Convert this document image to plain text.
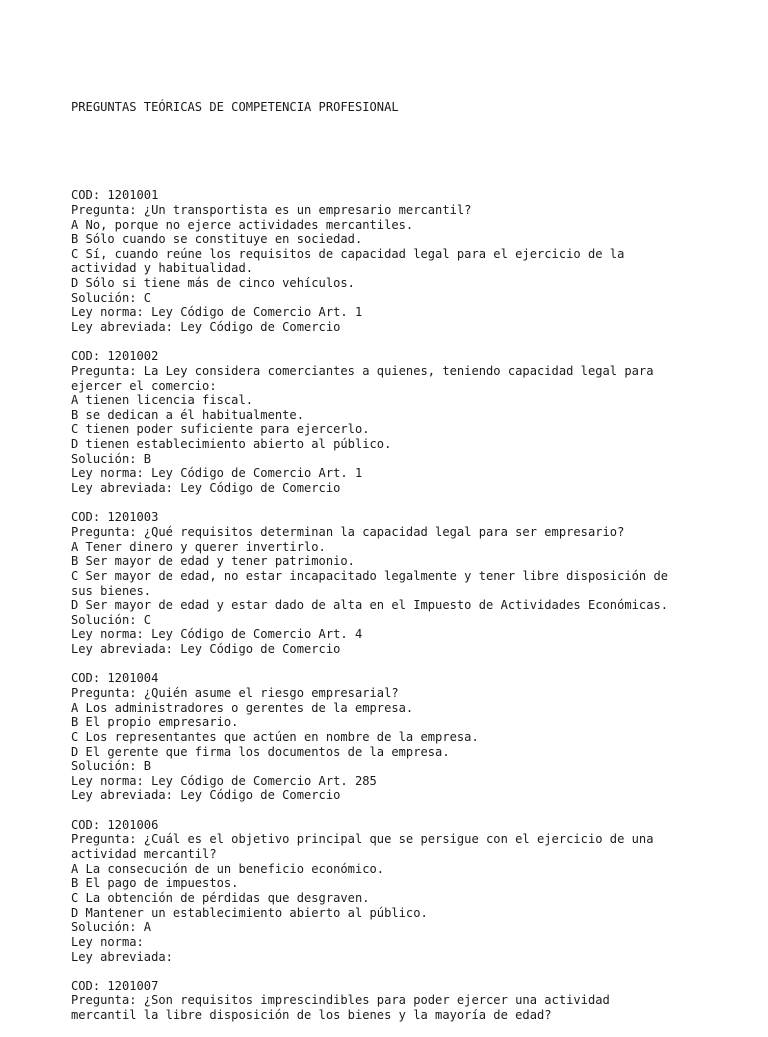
PREGUNTAS TEÓRICAS DE COMPETENCIA PROFESIONAL

COD: 1201001
Pregunta: ¿Un transportista es un empresario mercantil?
A No, porque no ejerce actividades mercantiles.
B Sólo cuando se constituye en sociedad.
C Sí, cuando reúne los requisitos de capacidad legal para el ejercicio de la
actividad y habitualidad.
D Sólo si tiene más de cinco vehículos.
Solución: C
Ley norma: Ley Código de Comercio Art. 1
Ley abreviada: Ley Código de Comercio
COD: 1201002
Pregunta: La Ley considera comerciantes a quienes, teniendo capacidad legal para
ejercer el comercio:
A tienen licencia fiscal.
B se dedican a él habitualmente.
C tienen poder suficiente para ejercerlo.
D tienen establecimiento abierto al público.
Solución: B
Ley norma: Ley Código de Comercio Art. 1
Ley abreviada: Ley Código de Comercio
COD: 1201003
Pregunta: ¿Qué requisitos determinan la capacidad legal para ser empresario?
A Tener dinero y querer invertirlo.
B Ser mayor de edad y tener patrimonio.
C Ser mayor de edad, no estar incapacitado legalmente y tener libre disposición de
sus bienes.
D Ser mayor de edad y estar dado de alta en el Impuesto de Actividades Económicas.
Solución: C
Ley norma: Ley Código de Comercio Art. 4
Ley abreviada: Ley Código de Comercio
COD: 1201004
Pregunta: ¿Quién asume el riesgo empresarial?
A Los administradores o gerentes de la empresa.
B El propio empresario.
C Los representantes que actúen en nombre de la empresa.
D El gerente que firma los documentos de la empresa.
Solución: B
Ley norma: Ley Código de Comercio Art. 285
Ley abreviada: Ley Código de Comercio
COD: 1201006
Pregunta: ¿Cuál es el objetivo principal que se persigue con el ejercicio de una
actividad mercantil?
A La consecución de un beneficio económico.
B El pago de impuestos.
C La obtención de pérdidas que desgraven.
D Mantener un establecimiento abierto al público.
Solución: A
Ley norma:
Ley abreviada:
COD: 1201007
Pregunta: ¿Son requisitos imprescindibles para poder ejercer una actividad
mercantil la libre disposición de los bienes y la mayoría de edad?
